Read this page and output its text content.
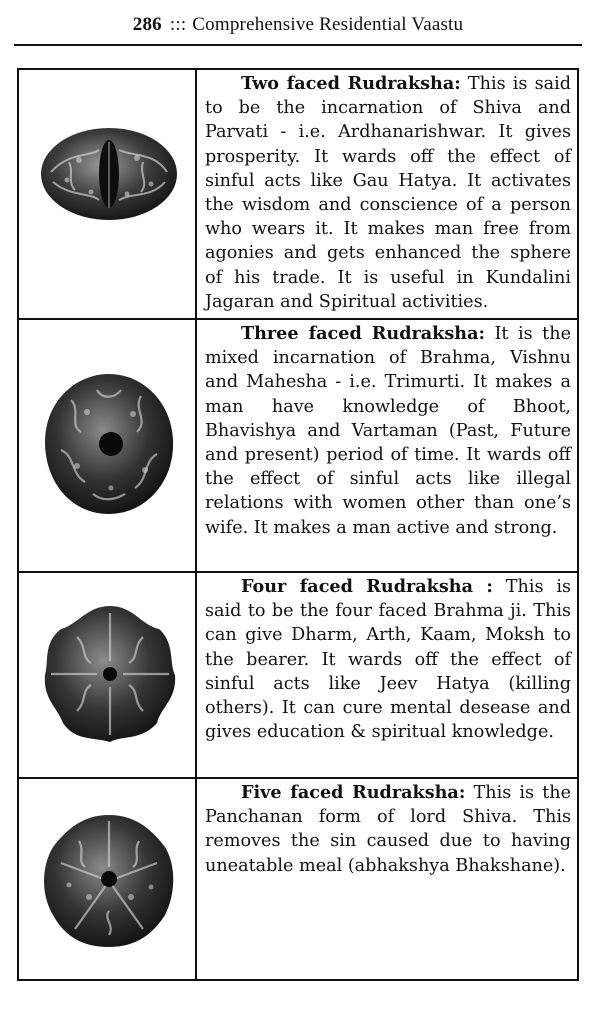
286 ::: Comprehensive Residential Vaastu
Two faced Rudraksha: This is said to be the incarnation of Shiva and Parvati - i.e. Ardhanarishwar. It gives prosperity. It wards off the effect of sinful acts like Gau Hatya. It activates the wisdom and conscience of a person who wears it. It makes man free from agonies and gets enhanced the sphere of his trade. It is useful in Kundalini Jagaran and Spiritual activities.
Three faced Rudraksha: It is the mixed incarnation of Brahma, Vishnu and Mahesha - i.e. Trimurti. It makes a man have knowledge of Bhoot, Bhavishya and Vartaman (Past, Future and present) period of time. It wards off the effect of sinful acts like illegal relations with women other than one’s wife. It makes a man active and strong.
Four faced Rudraksha : This is said to be the four faced Brahma ji. This can give Dharm, Arth, Kaam, Moksh to the bearer. It wards off the effect of sinful acts like Jeev Hatya (killing others). It can cure mental desease and gives education & spiritual knowledge.
Five faced Rudraksha: This is the Panchanan form of lord Shiva. This removes the sin caused due to having uneatable meal (abhakshya Bhakshane).
